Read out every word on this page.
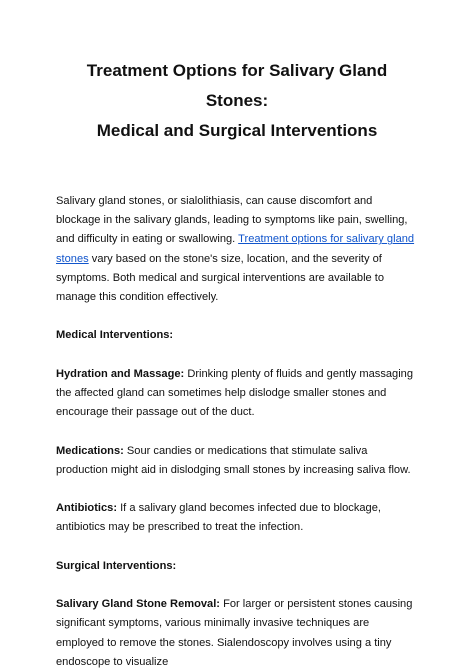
Treatment Options for Salivary Gland Stones:
Medical and Surgical Interventions

Salivary gland stones, or sialolithiasis, can cause discomfort and blockage in the salivary glands, leading to symptoms like pain, swelling, and difficulty in eating or swallowing. Treatment options for salivary gland stones vary based on the stone's size, location, and the severity of symptoms. Both medical and surgical interventions are available to manage this condition effectively.

Medical Interventions:

Hydration and Massage: Drinking plenty of fluids and gently massaging the affected gland can sometimes help dislodge smaller stones and encourage their passage out of the duct.

Medications: Sour candies or medications that stimulate saliva production might aid in dislodging small stones by increasing saliva flow.

Antibiotics: If a salivary gland becomes infected due to blockage, antibiotics may be prescribed to treat the infection.

Surgical Interventions:

Salivary Gland Stone Removal: For larger or persistent stones causing significant symptoms, various minimally invasive techniques are employed to remove the stones. Sialendoscopy involves using a tiny endoscope to visualize
